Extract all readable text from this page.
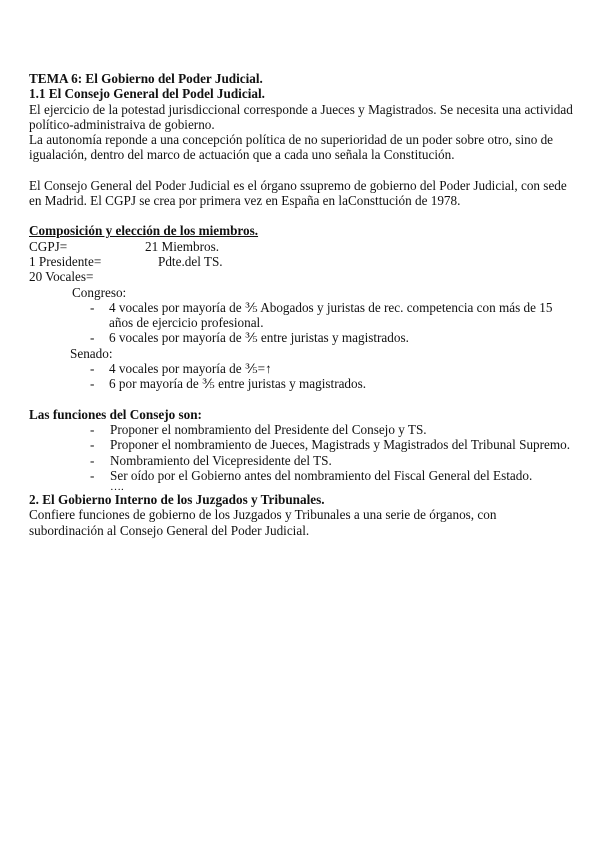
TEMA 6: El Gobierno del Poder Judicial.

1.1 El Consejo General del Podel Judicial.

El ejercicio de la potestad jurisdiccional corresponde a Jueces y Magistrados. Se necesita una actividad político-administraiva de gobierno.

La autonomía reponde a una concepción política de no superioridad de un poder sobre otro, sino de igualación, dentro del marco de actuación que a cada uno señala la Constitución.

El Consejo General del Poder Judicial es el órgano ssupremo de gobierno del Poder Judicial, con sede en Madrid. El CGPJ se crea por primera vez en España en laConsttución de 1978.

Composición y elección de los miembros.

CGPJ=	21 Miembros.
1 Presidente=	Pdte.del TS.

20 Vocales=

Congreso:

- 4 vocales por mayoría de ⅗ Abogados y juristas de rec. competencia con más de 15 años de ejercicio profesional.
- 6 vocales por mayoría de ⅗ entre juristas y magistrados.

Senado:

- 4 vocales por mayoría de ⅗=↑
- 6 por mayoría de ⅗ entre juristas y magistrados.

Las funciones del Consejo son:

- Proponer el nombramiento del Presidente del Consejo y TS.
- Proponer el nombramiento de Jueces, Magistrads y Magistrados del Tribunal Supremo.
- Nombramiento del Vicepresidente del TS.
- Ser oído por el Gobierno antes del nombramiento del Fiscal General del Estado.
….

2. El Gobierno Interno de los Juzgados y Tribunales.

Confiere funciones de gobierno de los Juzgados y Tribunales a una serie de órganos, con subordinación al Consejo General del Poder Judicial.
